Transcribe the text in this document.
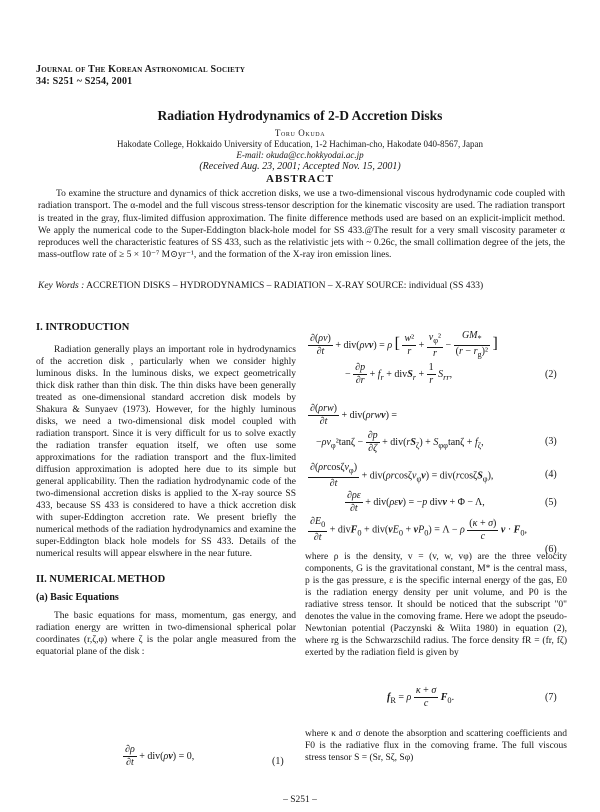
Journal of The Korean Astronomical Society
34: S251 ~ S254, 2001
Radiation Hydrodynamics of 2-D Accretion Disks
Toru Okuda
Hakodate College, Hokkaido University of Education, 1-2 Hachiman-cho, Hakodate 040-8567, Japan
E-mail: okuda@cc.hokkyodai.ac.jp
(Received Aug. 23, 2001; Accepted Nov. 15, 2001)
ABSTRACT
To examine the structure and dynamics of thick accretion disks, we use a two-dimensional viscous hydrodynamic code coupled with radiation transport. The α-model and the full viscous stress-tensor description for the kinematic viscosity are used. The radiation transport is treated in the gray, flux-limited diffusion approximation. The finite difference methods used are based on an explicit-implicit method. We apply the numerical code to the Super-Eddington black-hole model for SS 433.@The result for a very small viscosity parameter α reproduces well the characteristic features of SS 433, such as the relativistic jets with ~ 0.26c, the small collimation degree of the jets, the mass-outflow rate of ≥ 5 × 10⁻⁷ M⊙yr⁻¹, and the formation of the X-ray iron emission lines.
Key Words : ACCRETION DISKS – HYDRODYNAMICS – RADIATION – X-RAY SOURCE: individual (SS 433)
I. INTRODUCTION

Radiation generally plays an important role in hydrodynamics of the accretion disk , particularly when we consider highly luminous disks. In the luminous disks, we expect geometrically thick disk rather than thin disk. The thin disks have been generally treated as one-dimensional standard accretion disk models by Shakura & Sunyaev (1973). However, for the highly luminous disks, we need a two-dimensional disk model coupled with radiation transport. Since it is very difficult for us to solve exactly the radiation transfer equation itself, we often use some approximations for the radiation transport and the flux-limited diffusion approximation is adopted here due to its simple but general applicability. Then the radiation hydrodynamic code of the two-dimensional accretion disks is applied to the X-ray source SS 433, because SS 433 is considered to have a thick accretion disk with super-Eddington accretion rate. We present briefly the numerical methods of the radiation hydrodynamics and examine the super-Eddington black hole models for SS 433. Details of the numerical results will appear elswhere in the near future.

II. NUMERICAL METHOD
(a) Basic Equations

The basic equations for mass, momentum, gas energy, and radiation energy are written in two-dimensional spherical polar coordinates (r,ζ,φ) where ζ is the polar angle measured from the equatorial plane of the disk :

$\frac{\partial\rho}{\partial t} + div(\rho v) = 0$,	(1)
$\frac{\partial(\rho v)}{\partial t} + div(\rho vv) = \rho$ [ $\frac{\text{w²}}{r} + \frac{v_\varphi^2}{r} - \frac{GM_*}{(r - r_g)^2}$ ]
− $\frac{\partial p}{\partial r} + f_r$ + divS$_r$ + $\frac{1}{r} S_{rr}$,	(2)
$\frac{\text{∂(ρrw)}}{\partial t} + div(\rho rwv)$ =
$-\rho v_\varphi^2\tan\zeta - \frac{\partial p}{\partial\zeta} + div(rS_\zeta) + S_{\varphi\varphi}\tan\zeta + f_\zeta$,	(3)
$\frac{\partial(\rho rcos\zeta v_\varphi)}{\partial t} + div(\rho rcos\zeta v_\varphi v) = div(rcos\zeta S_\varphi)$,	(4)
$\frac{\partial\rho\varepsilon}{\partial t} + div(\rho\varepsilon v) = -p$ divv + Φ − Λ,	(5)
$\frac{\partial E_0}{\partial t}$ + divF$_0$ + $div(vE_0 + vP_0) = \Lambda - \rho \frac{(\kappa + \sigma)}{c}$ $v \cdot F_0$,
(6)
where ρ is the density, v = (v, w, vφ) are the three velocity components, G is the gravitational constant, M* is the central mass, p is the gas pressure, ε is the specific internal energy of the gas, E0 is the radiation energy density per unit volume, and P0 is the radiative stress tensor. It should be noticed that the subscript "0" denotes the value in the comoving frame. Here we adopt the pseudo-Newtonian potential (Paczynski & Wiita 1980) in equation (2), where rg is the Schwarzschild radius. The force density fR = (fr, fζ) exerted by the radiation field is given by
$f_R = \rho \frac{\kappa + \sigma}{c} F_0$.	(7)
where κ and σ denote the absorption and scattering coefficients and F0 is the radiative flux in the comoving frame. The full viscous stress tensor S = (Sr, Sζ, Sφ)
– S251 –
